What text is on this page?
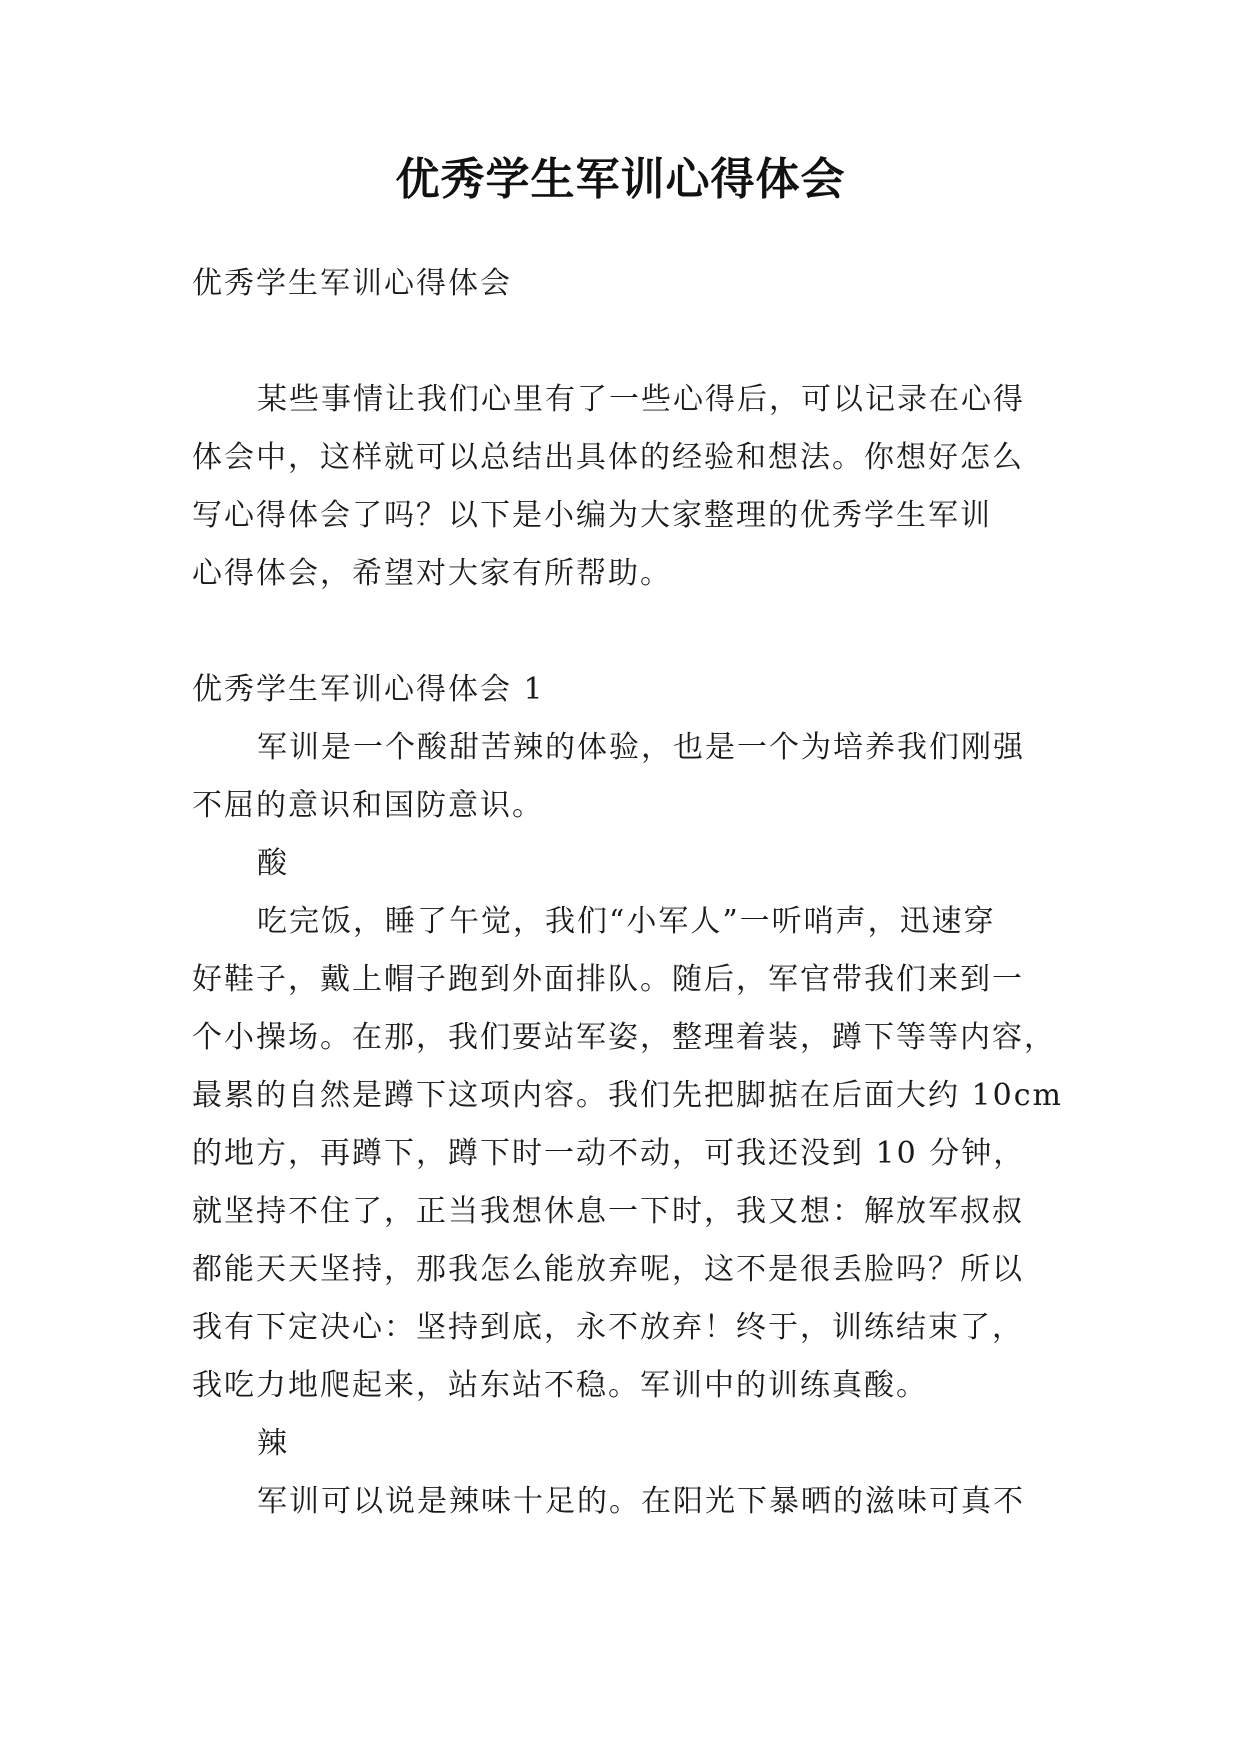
优秀学生军训心得体会
优秀学生军训心得体会
某些事情让我们心里有了一些心得后，可以记录在心得
体会中，这样就可以总结出具体的经验和想法。你想好怎么
写心得体会了吗？以下是小编为大家整理的优秀学生军训
心得体会，希望对大家有所帮助。
优秀学生军训心得体会 1
军训是一个酸甜苦辣的体验，也是一个为培养我们刚强
不屈的意识和国防意识。
酸
吃完饭，睡了午觉，我们“小军人”一听哨声，迅速穿
好鞋子，戴上帽子跑到外面排队。随后，军官带我们来到一
个小操场。在那，我们要站军姿，整理着装，蹲下等等内容，
最累的自然是蹲下这项内容。我们先把脚掂在后面大约 10cm
的地方，再蹲下，蹲下时一动不动，可我还没到 10 分钟，
就坚持不住了，正当我想休息一下时，我又想：解放军叔叔
都能天天坚持，那我怎么能放弃呢，这不是很丢脸吗？所以
我有下定决心：坚持到底，永不放弃！终于，训练结束了，
我吃力地爬起来，站东站不稳。军训中的训练真酸。
辣
军训可以说是辣味十足的。在阳光下暴晒的滋味可真不
